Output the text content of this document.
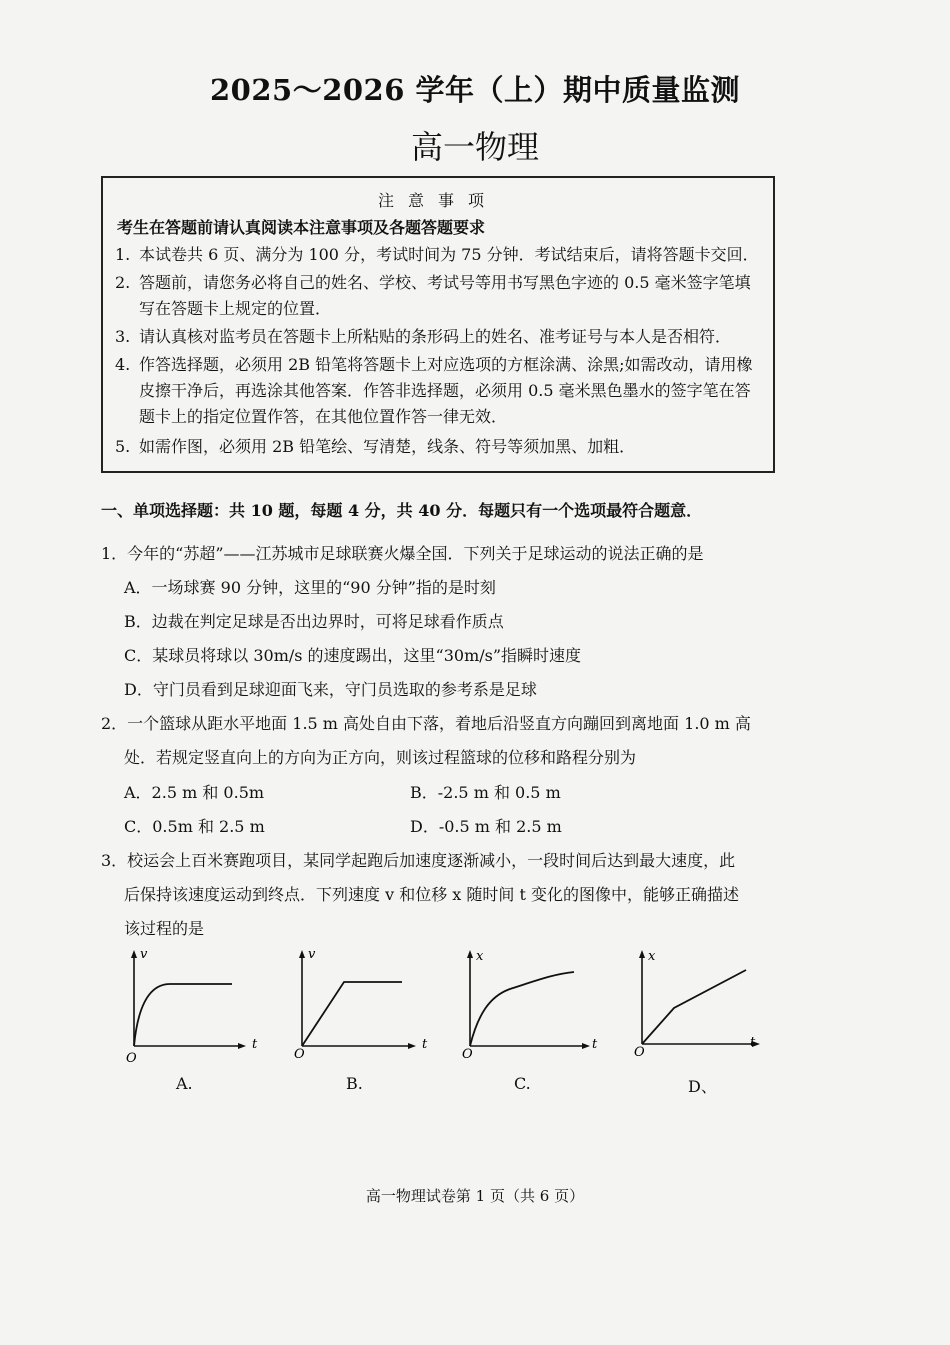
2025～2026 学年（上）期中质量监测
高一物理
注意事项
考生在答题前请认真阅读本注意事项及各题答题要求
1. 本试卷共 6 页、满分为 100 分，考试时间为 75 分钟．考试结束后，请将答题卡交回．
2. 答题前，请您务必将自己的姓名、学校、考试号等用书写黑色字迹的 0.5 毫米签字笔填
写在答题卡上规定的位置．
3. 请认真核对监考员在答题卡上所粘贴的条形码上的姓名、准考证号与本人是否相符．
4. 作答选择题，必须用 2B 铅笔将答题卡上对应选项的方框涂满、涂黑;如需改动，请用橡
皮擦干净后，再选涂其他答案．作答非选择题，必须用 0.5 毫米黑色墨水的签字笔在答
题卡上的指定位置作答，在其他位置作答一律无效．
5. 如需作图，必须用 2B 铅笔绘、写清楚，线条、符号等须加黑、加粗．
一、单项选择题：共 10 题，每题 4 分，共 40 分．每题只有一个选项最符合题意．
1．今年的“苏超”——江苏城市足球联赛火爆全国．下列关于足球运动的说法正确的是
A．一场球赛 90 分钟，这里的“90 分钟”指的是时刻
B．边裁在判定足球是否出边界时，可将足球看作质点
C．某球员将球以 30m/s 的速度踢出，这里“30m/s”指瞬时速度
D．守门员看到足球迎面飞来，守门员选取的参考系是足球
2．一个篮球从距水平地面 1.5 m 高处自由下落，着地后沿竖直方向蹦回到离地面 1.0 m 高
处．若规定竖直向上的方向为正方向，则该过程篮球的位移和路程分别为
A．2.5 m 和 0.5m	B．-2.5 m 和 0.5 m
C．0.5m 和 2.5 m	D．-0.5 m 和 2.5 m
3．校运会上百米赛跑项目，某同学起跑后加速度逐渐减小，一段时间后达到最大速度，此
后保持该速度运动到终点．下列速度 v 和位移 x 随时间 t 变化的图像中，能够正确描述
该过程的是
v
t
O
A.
v
t
O
B.
x
t
O
C.
x
t
O
D、
高一物理试卷第 1 页（共 6 页）
